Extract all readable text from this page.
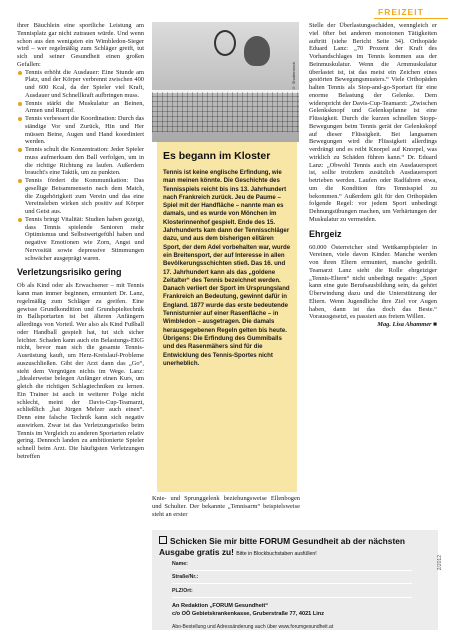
FREIZEIT

ihrer Bäuchlein eine sportliche Leistung am Tennisplatz gar nicht zutrauen würde. Und wenn schon aus den wenigsten ein Wimbledon-Sieger wird – wer regelmäßig zum Schläger greift, tut sich und seiner Gesundheit einen großen Gefallen:

Tennis erhöht die Ausdauer: Eine Stunde am Platz, und der Körper verbrennt zwischen 400 und 600 Kcal, da der Spieler viel Kraft, Ausdauer und Schnellkraft aufbringen muss.
Tennis stärkt die Muskulatur an Beinen, Armen und Rumpf.
Tennis verbessert die Koordination: Durch das ständige Vor und Zurück, Hin und Her müssen Beine, Augen und Hand koordiniert werden.
Tennis schult die Konzentration: Jeder Spieler muss aufmerksam den Ball verfolgen, um in die richtige Richtung zu laufen. Außerdem braucht's eine Taktik, um zu punkten.
Tennis fördert die Kommunikation: Das gesellige Beisammensein nach dem Match, die Zugehörigkeit zum Verein und das eine Vereinsleben wirken sich positiv auf Körper und Geist aus.
Tennis bringt Vitalität: Studien haben gezeigt, dass Tennis spielende Senioren mehr Optimismus und Selbstwertgefühl haben und negative Emotionen wie Zorn, Angst und Nervosität sowie depressive Stimmungen schwächer ausgeprägt waren.
Verletzungsrisiko gering

Ob als Kind oder als Erwachsener – mit Tennis kann man immer beginnen, ermuntert Dr. Lanz, regelmäßig zum Schläger zu greifen. Eine gewisse Grundkondition und Grundspieltechnik in Ballsportarten ist bei älteren Anfängern allerdings von Vorteil. Wer also als Kind Fußball oder Handball gespielt hat, tut sich sicher leichter. Schaden kann auch ein Belastungs-EKG nicht, bevor man sich die gesamte Tennis-Ausrüstung kauft, um Herz-Kreislauf-Probleme auszuschließen. Gibt der Arzt dann das „Go“, steht dem Vergnügen nichts im Wege. Lanz: „Idealerweise belegen Anfänger einen Kurs, um gleich die richtigen Schlagtechniken zu lernen. Ein Trainer ist auch in weiterer Folge nicht schlecht, meint der Davis-Cup-Teamarzt, schließlich „hat Jürgen Melzer auch einen“. Denn eine falsche Technik kann sich negativ auswirken. Zwar ist das Verletzungsrisiko beim Tennis im Vergleich zu anderen Sportarten relativ gering. Dennoch landen zu ambitionierte Spieler schnell beim Arzt. Die häufigsten Verletzungen betreffen

© Shutterstock
Es begann im Kloster

Tennis ist keine englische Erfindung, wie man meinen könnte. Die Geschichte des Tennisspiels reicht bis ins 13. Jahrhundert nach Frankreich zurück. Jeu de Paume – Spiel mit der Handfläche – nannte man es damals, und es wurde von Mönchen im Klosterinnenhof gespielt. Ende des 15. Jahrhunderts kam dann der Tennisschläger dazu, und aus dem bisherigen elitären Sport, der dem Adel vorbehalten war, wurde ein Breitensport, der auf Interesse in allen Bevölkerungsschichten stieß. Das 16. und 17. Jahrhundert kann als das „goldene Zeitalter“ des Tennis bezeichnet werden. Danach verliert der Sport im Ursprungsland Frankreich an Bedeutung, gewinnt dafür in England. 1877 wurde das erste bedeutende Tennisturnier auf einer Rasenfläche – in Wimbledon – ausgetragen. Die damals herausgegebenen Regeln gelten bis heute. Übrigens: Die Erfindung des Gummiballs und des Rasenmähers sind für die Entwicklung des Tennis-Sportes nicht unerheblich.

Knie- und Sprunggelenk beziehungsweise Ellenbogen und Schulter. Der bekannte „Tennisarm“ beispielsweise steht an erster

Stelle der Überlastungsschäden, wenngleich er viel öfter bei anderen monotonen Tätigkeiten auftritt (siehe Bericht Seite 34). Orthopäde Eduard Lanz: „70 Prozent der Kraft des Vorhandschlages im Tennis kommen aus der Beinmuskulatur. Wenn die Armmuskulatur überlastet ist, ist das meist ein Zeichen eines gestörten Bewegungsmusters.“ Viele Orthopäden halten Tennis als Stop-and-go-Sportart für eine enorme Belastung der Gelenke. Dem widerspricht der Davis-Cup-Teamarzt: „Zwischen Gelenksknopf und Gelenkspfanne ist eine Flüssigkeit. Durch die kurzen schnellen Stopp-Bewegungen beim Tennis gerät der Gelenkskopf auf dieser Flüssigkeit. Bei langsamen Bewegungen wird die Flüssigkeit allerdings verdrängt und es reibt Knorpel auf Knorpel, was wirklich zu Schäden führen kann.“ Dr. Eduard Lanz: „Obwohl Tennis auch ein Ausdauersport ist, sollte trotzdem zusätzlich Ausdauersport betrieben werden. Laufen oder Radfahren etwa, um die Kondition fürs Tennisspiel zu bekommen.“ Außerdem gilt für den Orthopäden folgende Regel: vor jedem Sport unbedingt Dehnungsübungen machen, um Verhärtungen der Muskulatur zu vermeiden.

Ehrgeiz

60.000 Österreicher sind Wettkampfspieler in Vereinen, viele davon Kinder. Manche werden von ihren Eltern ermuntert, manche gedrillt. Teamarzt Lanz sieht die Rolle ehrgeiziger „Tennis-Eltern“ nicht unbedingt negativ: „Sport kann eine gute Berufsausbildung sein, da gehört Überwindung dazu und die Unterstützung der Eltern. Wenn Jugendliche ihre Ziel vor Augen haben, dann ist das doch das Beste.“ Voraussgesetzt, es passiert aus freiem Willen.

Mag. Lisa Ahammer ■

Schicken Sie mir bitte FORUM Gesundheit ab der nächsten Ausgabe gratis zu! Bitte in Blockbuchstaben ausfüllen!
Name:
Straße/Nr.:
PLZ/Ort:
An Redaktion „FORUM Gesundheit“
c/o OÖ Gebietskrankenkasse, Gruberstraße 77, 4021 Linz
Abo-Bestellung und Adressänderung auch über www.forumgesundheit.at
2/2012
